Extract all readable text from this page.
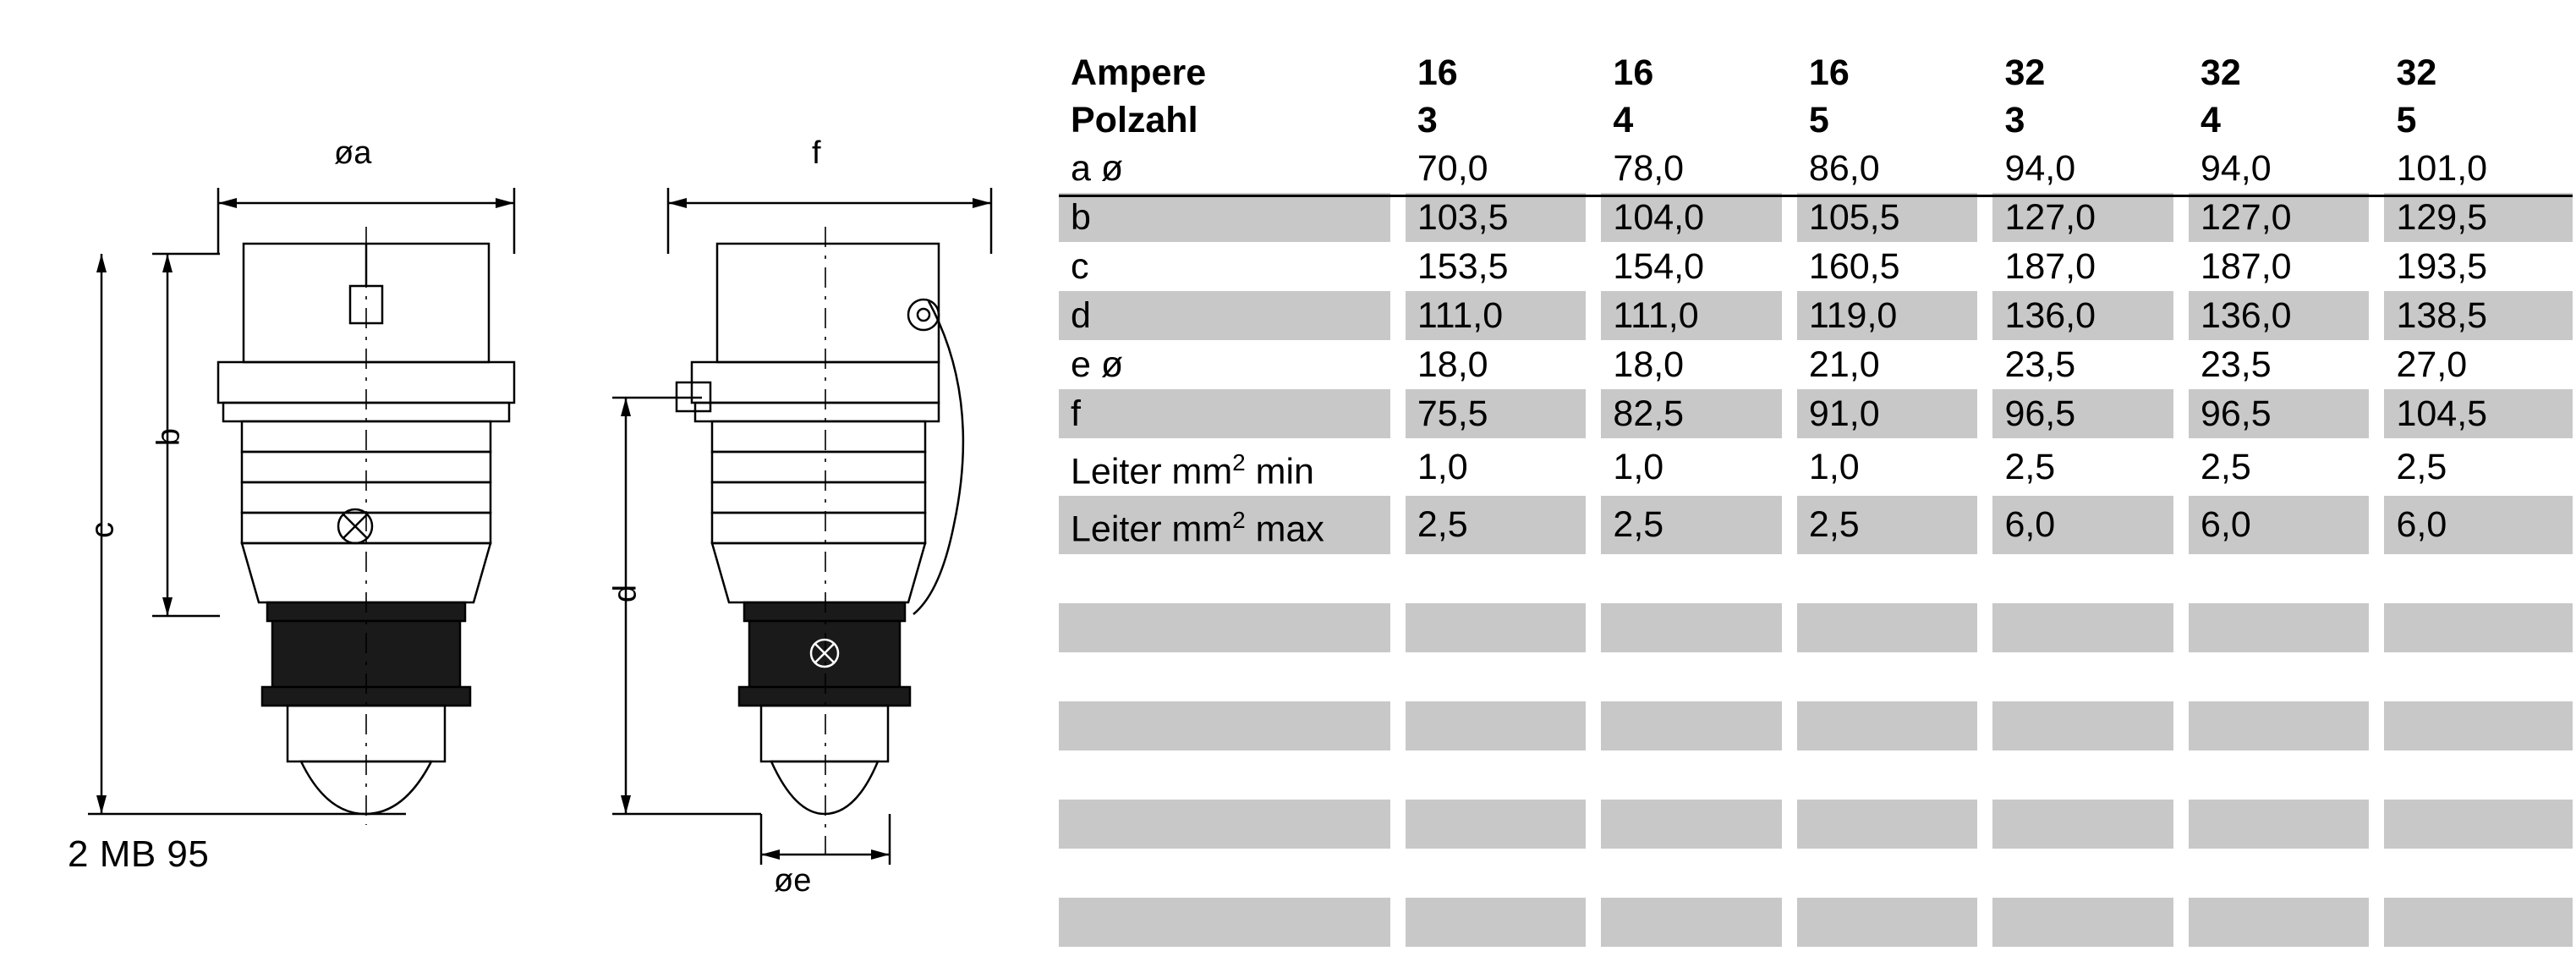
øa
b
c
f
d
øe
2 MB 95
Ampere	16	16	16	32	32	32
Polzahl	3	4	5	3	4	5
a ø	70,0	78,0	86,0	94,0	94,0	101,0
b	103,5	104,0	105,5	127,0	127,0	129,5
c	153,5	154,0	160,5	187,0	187,0	193,5
d	111,0	111,0	119,0	136,0	136,0	138,5
e ø	18,0	18,0	21,0	23,5	23,5	27,0
f	75,5	82,5	91,0	96,5	96,5	104,5
Leiter $mm^2$ min	1,0	1,0	1,0	2,5	2,5	2,5
Leiter $mm^2$ max	2,5	2,5	2,5	6,0	6,0	6,0
